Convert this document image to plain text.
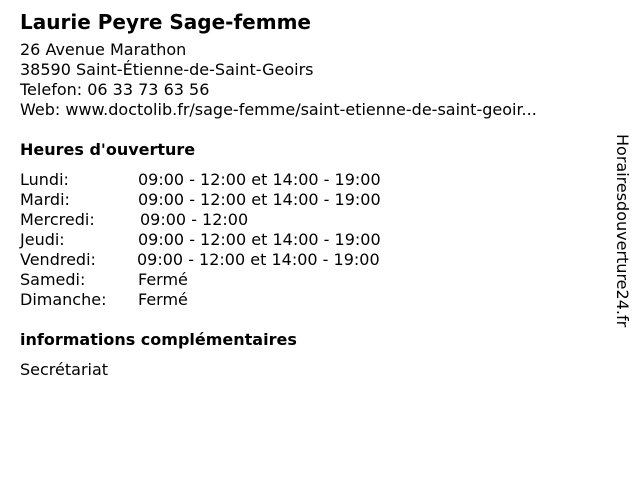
Laurie Peyre Sage-femme
26 Avenue Marathon
38590 Saint-Étienne-de-Saint-Geoirs
Telefon: 06 33 73 63 56
Web: www.doctolib.fr/sage-femme/saint-etienne-de-saint-geoir...
Heures d'ouverture
Lundi:	09:00 - 12:00 et 14:00 - 19:00
Mardi:	09:00 - 12:00 et 14:00 - 19:00
Mercredi:	09:00 - 12:00
Jeudi:	09:00 - 12:00 et 14:00 - 19:00
Vendredi:	09:00 - 12:00 et 14:00 - 19:00
Samedi:	Fermé
Dimanche:	Fermé
informations complémentaires
Secrétariat
Horairesdouverture24.fr
